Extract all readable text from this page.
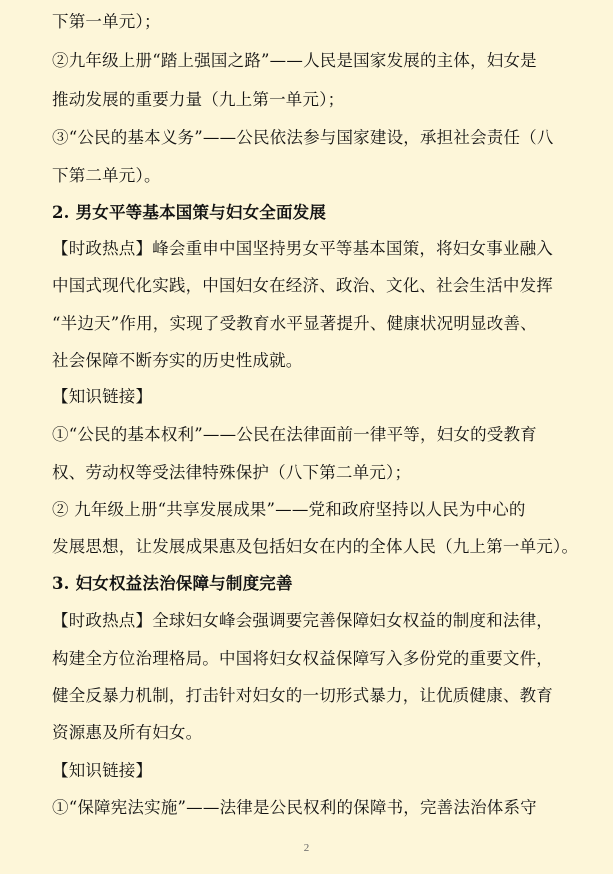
下第一单元）；
②九年级上册“踏上强国之路”——人民是国家发展的主体，妇女是
推动发展的重要力量（九上第一单元）；
③“公民的基本义务”——公民依法参与国家建设，承担社会责任（八
下第二单元）。
2. 男女平等基本国策与妇女全面发展
【时政热点】峰会重申中国坚持男女平等基本国策，将妇女事业融入
中国式现代化实践，中国妇女在经济、政治、文化、社会生活中发挥
“半边天”作用，实现了受教育水平显著提升、健康状况明显改善、
社会保障不断夯实的历史性成就。
【知识链接】
①“公民的基本权利”——公民在法律面前一律平等，妇女的受教育
权、劳动权等受法律特殊保护（八下第二单元）；
② 九年级上册“共享发展成果”——党和政府坚持以人民为中心的
发展思想，让发展成果惠及包括妇女在内的全体人民（九上第一单元）。
3. 妇女权益法治保障与制度完善
【时政热点】全球妇女峰会强调要完善保障妇女权益的制度和法律，
构建全方位治理格局。中国将妇女权益保障写入多份党的重要文件，
健全反暴力机制，打击针对妇女的一切形式暴力，让优质健康、教育
资源惠及所有妇女。
【知识链接】
①“保障宪法实施”——法律是公民权利的保障书，完善法治体系守
2
